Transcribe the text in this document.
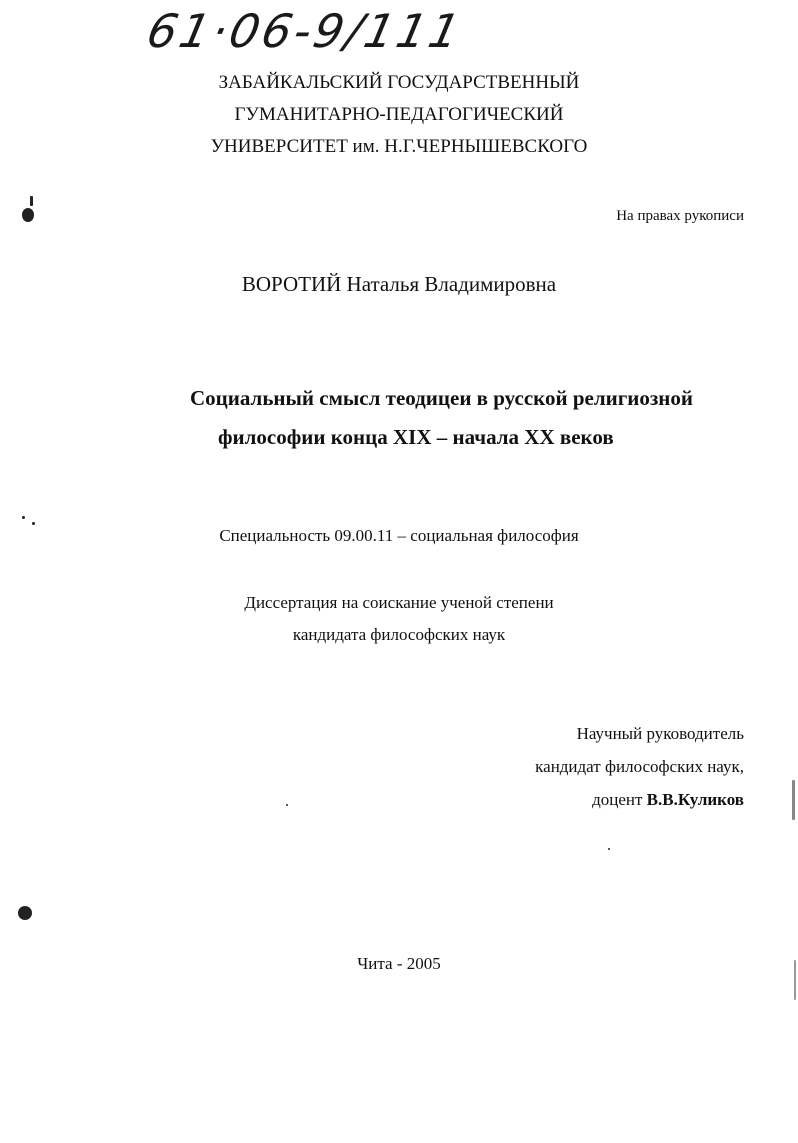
61·06-9/111
ЗАБАЙКАЛЬСКИЙ ГОСУДАРСТВЕННЫЙ
ГУМАНИТАРНО-ПЕДАГОГИЧЕСКИЙ
УНИВЕРСИТЕТ им. Н.Г.ЧЕРНЫШЕВСКОГО
На правах рукописи
ВОРОТИЙ Наталья Владимировна
Социальный смысл теодицеи в русской религиозной
философии конца XIX – начала XX веков
Специальность 09.00.11 – социальная философия
Диссертация на соискание ученой степени
кандидата философских наук
Научный руководитель
кандидат философских наук,
доцент В.В.Куликов
Чита - 2005
